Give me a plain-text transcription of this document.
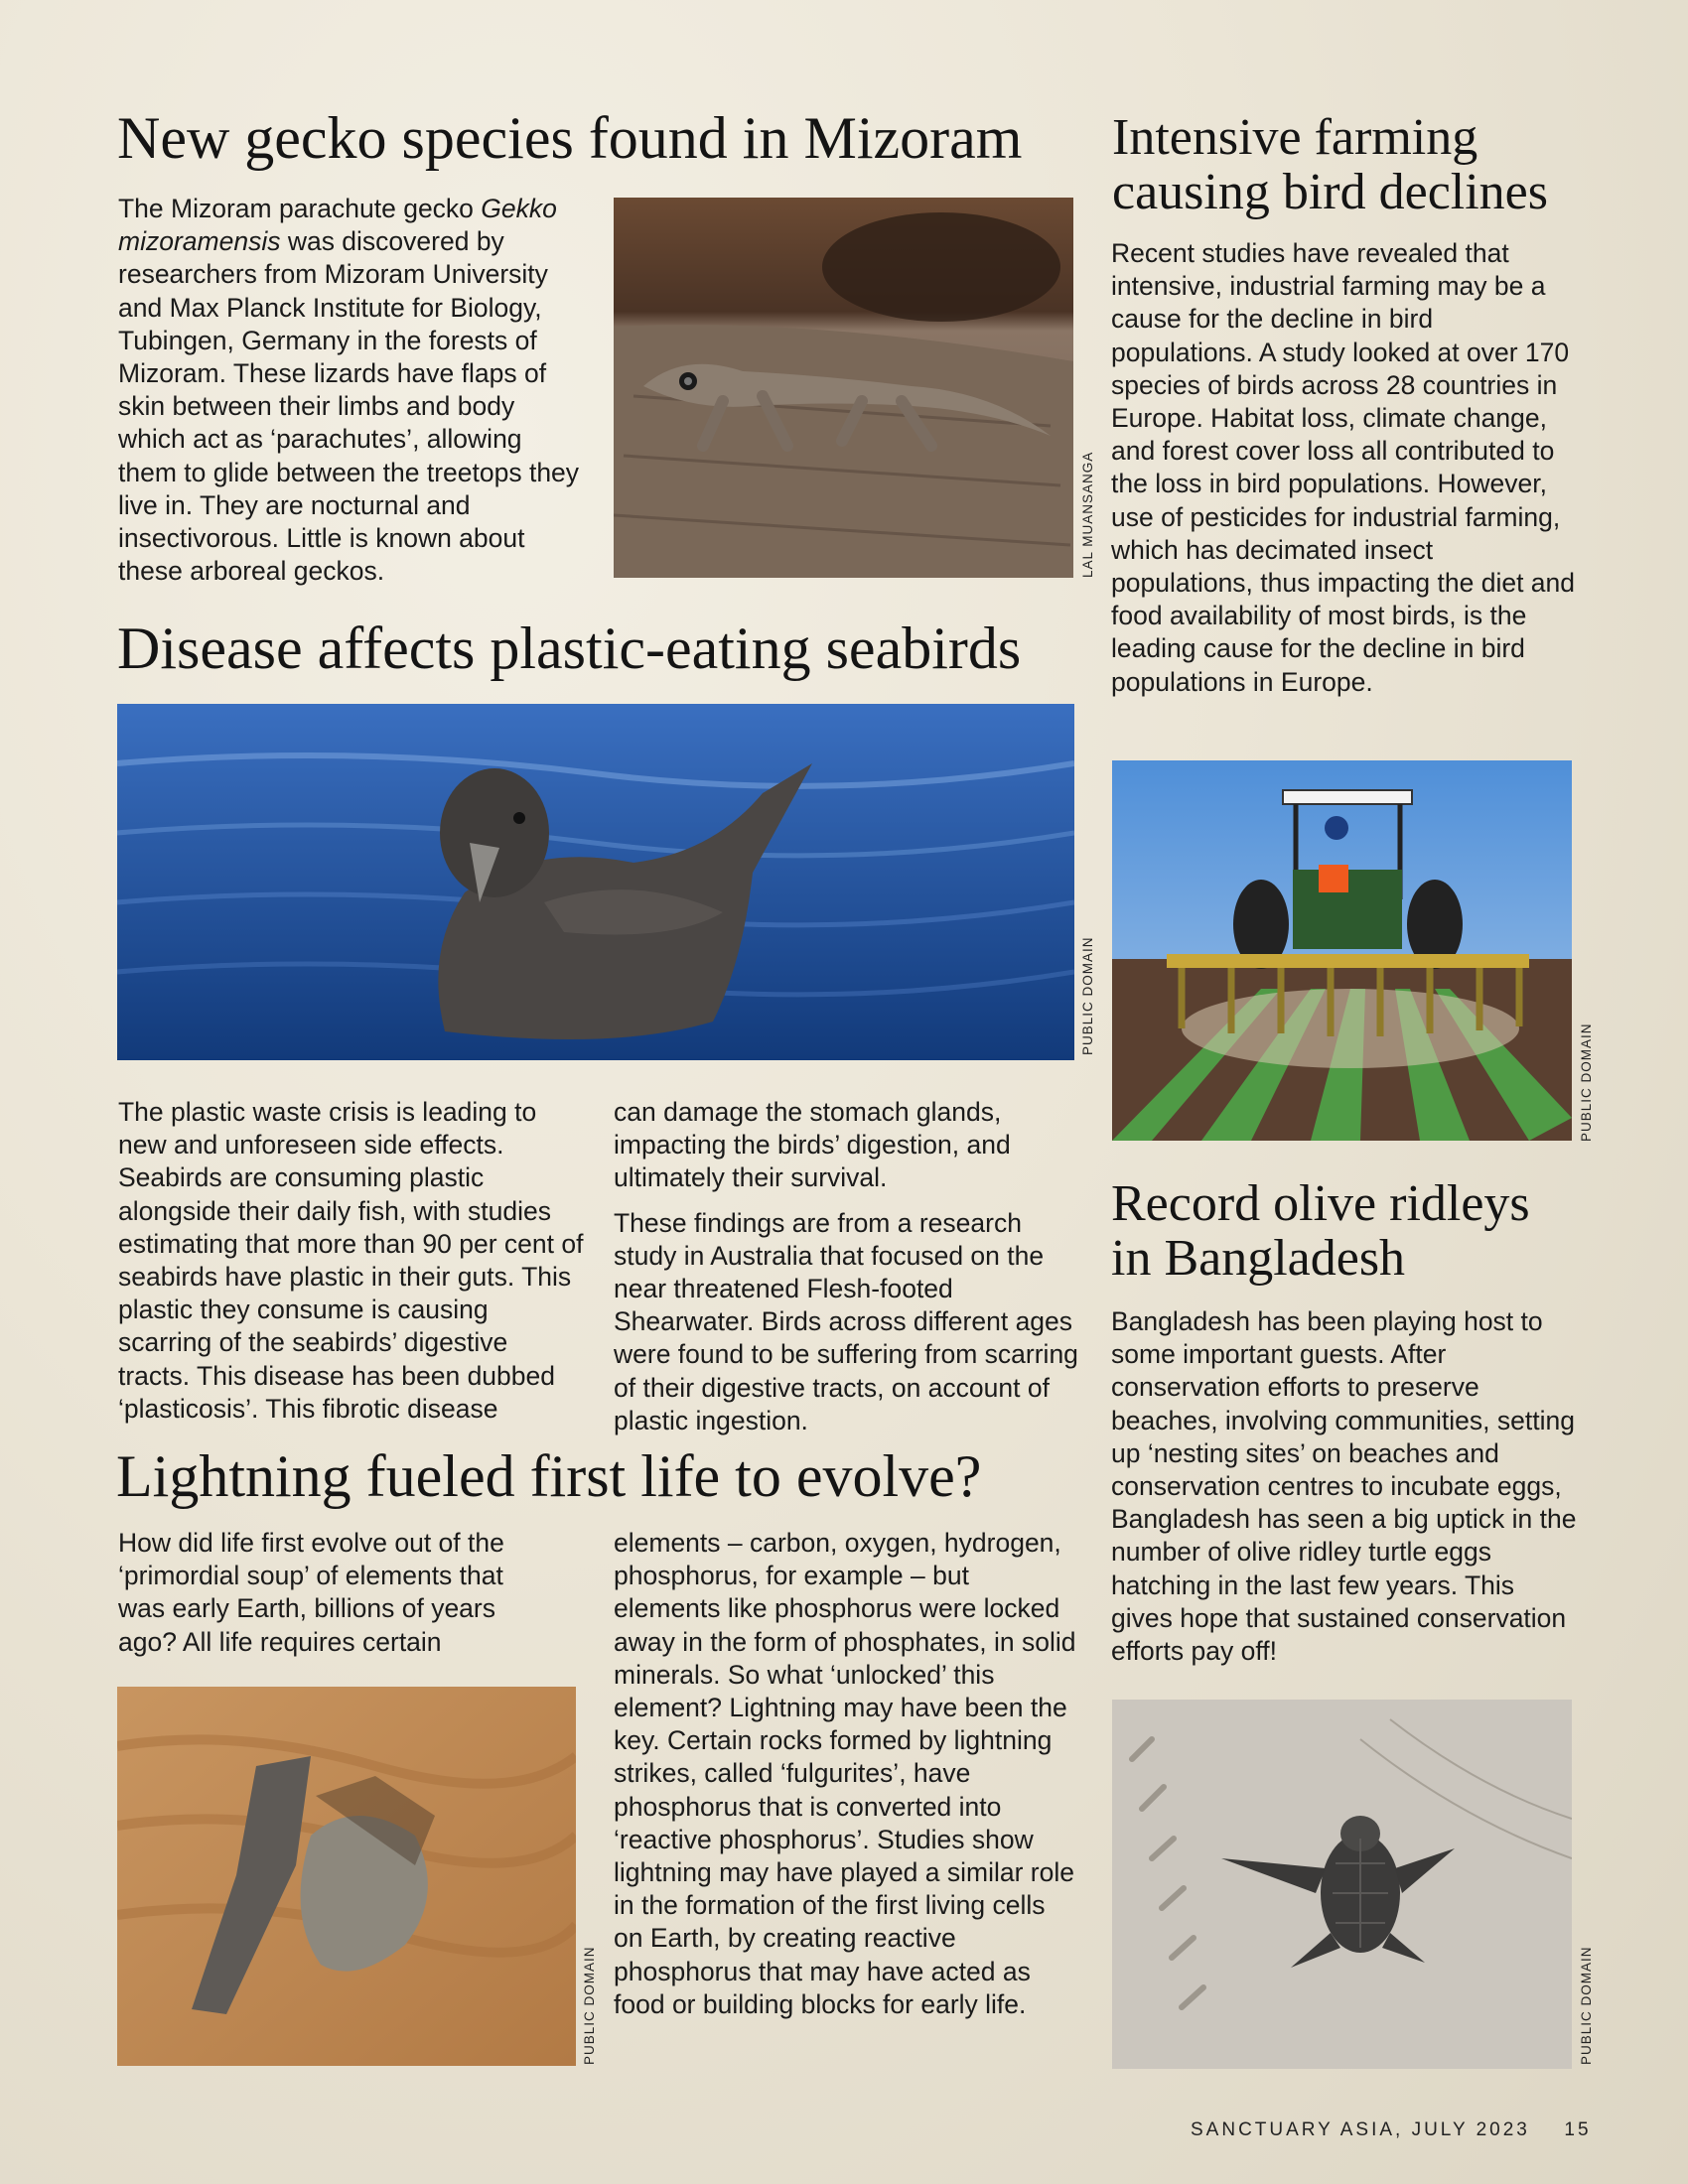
New gecko species found in Mizoram
The Mizoram parachute gecko Gekko mizoramensis was discovered by researchers from Mizoram University and Max Planck Institute for Biology, Tubingen, Germany in the forests of Mizoram. These lizards have flaps of skin between their limbs and body which act as ‘parachutes’, allowing them to glide between the treetops they live in. They are nocturnal and insectivorous. Little is known about these arboreal geckos.	LAL MUANSANGA
Intensive farming
causing bird declines

Recent studies have revealed that intensive, industrial farming may be a cause for the decline in bird populations. A study looked at over 170 species of birds across 28 countries in Europe. Habitat loss, climate change, and forest cover loss all contributed to the loss in bird populations. However, use of pesticides for industrial farming, which has decimated insect populations, thus impacting the diet and food availability of most birds, is the leading cause for the decline in bird populations in Europe.

PUBLIC DOMAIN
Disease affects plastic-eating seabirds
PUBLIC DOMAIN

The plastic waste crisis is leading to new and unforeseen side effects. Seabirds are consuming plastic alongside their daily fish, with studies estimating that more than 90 per cent of seabirds have plastic in their guts. This plastic they consume is causing scarring of the seabirds’ digestive tracts. This disease has been dubbed ‘plasticosis’. This fibrotic disease

can damage the stomach glands, impacting the birds’ digestion, and ultimately their survival.

These findings are from a research study in Australia that focused on the near threatened Flesh-footed Shearwater. Birds across different ages were found to be suffering from scarring of their digestive tracts, on account of plastic ingestion.

Record olive ridleys
in Bangladesh

Bangladesh has been playing host to some important guests. After conservation efforts to preserve beaches, involving communities, setting up ‘nesting sites’ on beaches and conservation centres to incubate eggs, Bangladesh has seen a big uptick in the number of olive ridley turtle eggs hatching in the last few years. This gives hope that sustained conservation efforts pay off!

PUBLIC DOMAIN
Lightning fueled first life to evolve?

How did life first evolve out of the ‘primordial soup’ of elements that was early Earth, billions of years ago? All life requires certain

PUBLIC DOMAIN

elements – carbon, oxygen, hydrogen, phosphorus, for example – but elements like phosphorus were locked away in the form of phosphates, in solid minerals. So what ‘unlocked’ this element? Lightning may have been the key. Certain rocks formed by lightning strikes, called ‘fulgurites’, have phosphorus that is converted into ‘reactive phosphorus’. Studies show lightning may have played a similar role in the formation of the first living cells on Earth, by creating reactive phosphorus that may have acted as food or building blocks for early life.

SANCTUARY ASIA, JULY 2023 15
